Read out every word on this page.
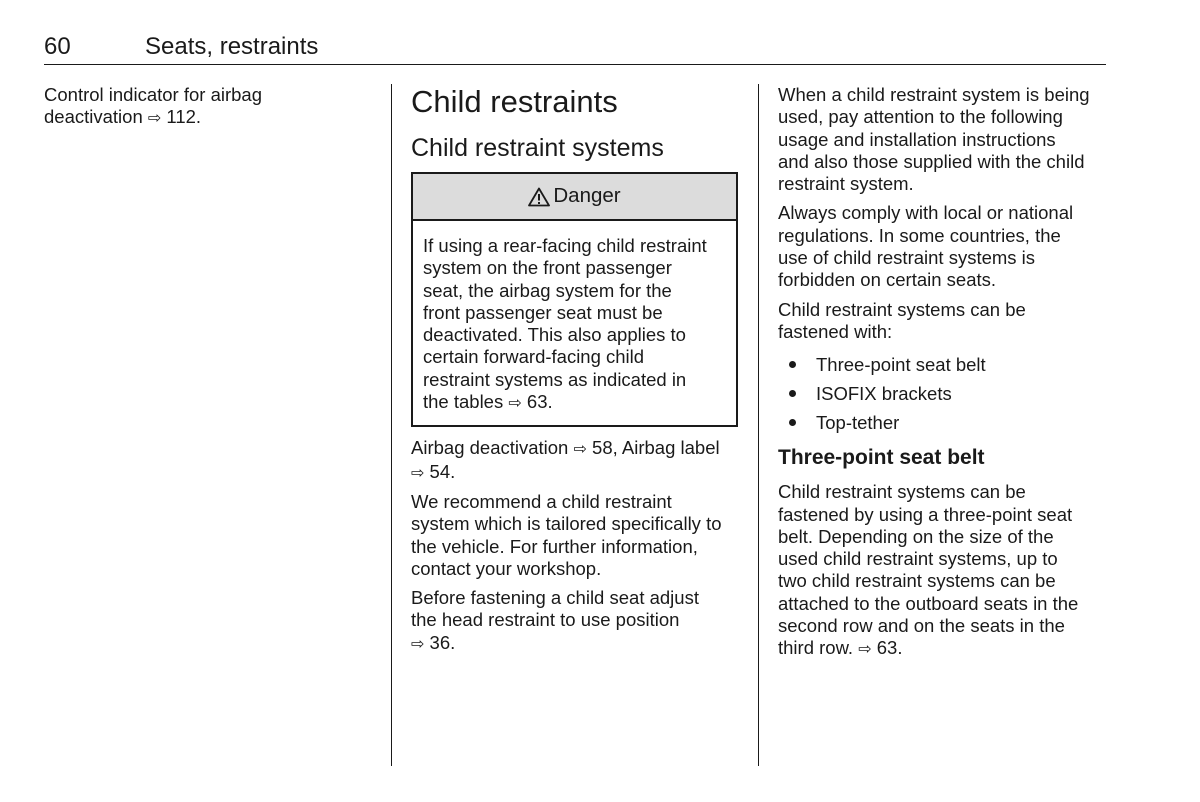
60	Seats, restraints

Control indicator for airbag
deactivation ⇨ 112.	Child restraints
Child restraint systems
Danger
If using a rear-facing child restraint
system on the front passenger
seat, the airbag system for the
front passenger seat must be
deactivated. This also applies to
certain forward-facing child
restraint systems as indicated in
the tables ⇨ 63.

Airbag deactivation ⇨ 58, Airbag label
⇨ 54.

We recommend a child restraint
system which is tailored specifically to
the vehicle. For further information,
contact your workshop.

Before fastening a child seat adjust
the head restraint to use position
⇨ 36.

When a child restraint system is being
used, pay attention to the following
usage and installation instructions
and also those supplied with the child
restraint system.

Always comply with local or national
regulations. In some countries, the
use of child restraint systems is
forbidden on certain seats.

Child restraint systems can be
fastened with:

Three-point seat belt
ISOFIX brackets
Top-tether
Three-point seat belt

Child restraint systems can be
fastened by using a three-point seat
belt. Depending on the size of the
used child restraint systems, up to
two child restraint systems can be
attached to the outboard seats in the
second row and on the seats in the
third row. ⇨ 63.
